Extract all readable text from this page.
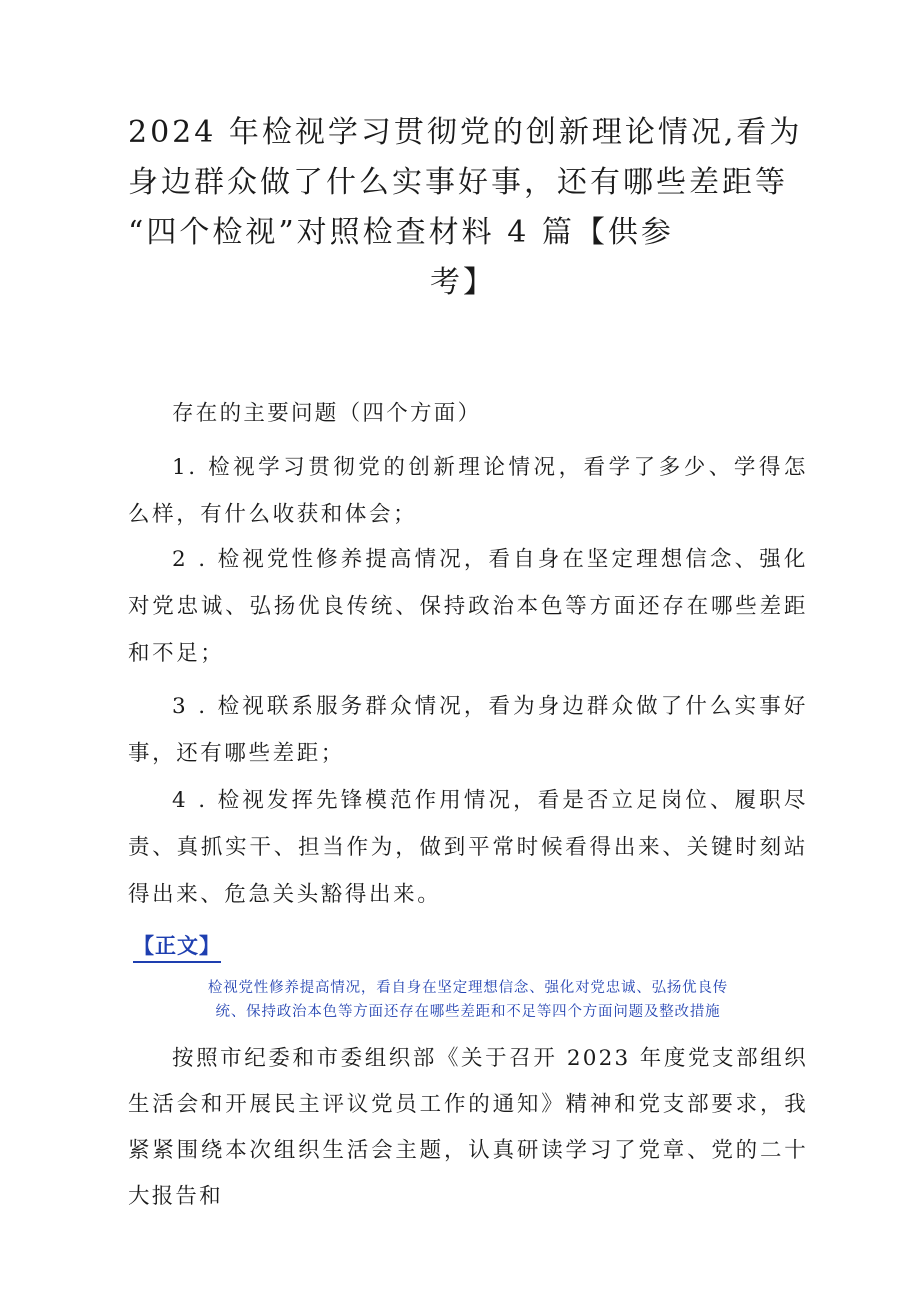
2024 年检视学习贯彻党的创新理论情况,看为
身边群众做了什么实事好事，还有哪些差距等
“四个检视”对照检查材料 4 篇【供参
考】
存在的主要问题（四个方面）

1. 检视学习贯彻党的创新理论情况，看学了多少、学得怎么样，有什么收获和体会；

2 . 检视党性修养提高情况，看自身在坚定理想信念、强化对党忠诚、弘扬优良传统、保持政治本色等方面还存在哪些差距和不足；

3 . 检视联系服务群众情况，看为身边群众做了什么实事好事，还有哪些差距；

4 . 检视发挥先锋模范作用情况，看是否立足岗位、履职尽责、真抓实干、担当作为，做到平常时候看得出来、关键时刻站得出来、危急关头豁得出来。

【正文】

检视党性修养提高情况，看自身在坚定理想信念、强化对党忠诚、弘扬优良传
统、保持政治本色等方面还存在哪些差距和不足等四个方面问题及整改措施

按照市纪委和市委组织部《关于召开 2023 年度党支部组织生活会和开展民主评议党员工作的通知》精神和党支部要求，我紧紧围绕本次组织生活会主题，认真研读学习了党章、党的二十大报告和
